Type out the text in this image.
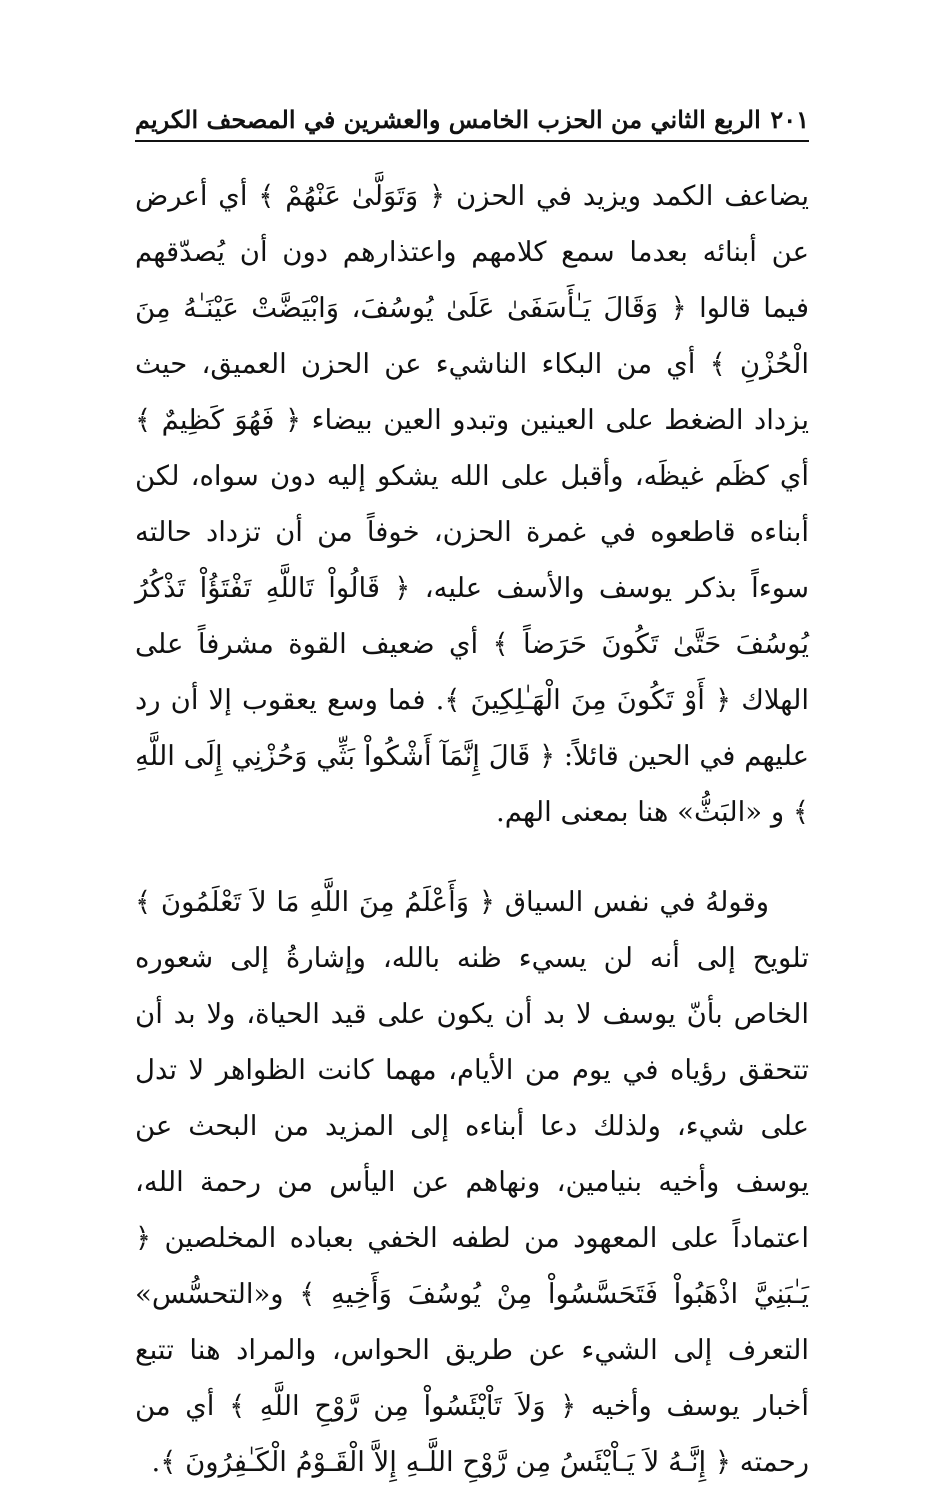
الربع الثاني من الحزب الخامس والعشرين في المصحف الكريم ٢٠١

يضاعف الكمد ويزيد في الحزن ﴿ وَتَوَلَّىٰ عَنْهُمْ ﴾ أي أعرض عن أبنائه بعدما سمع كلامهم واعتذارهم دون أن يُصدّقهم فيما قالوا ﴿ وَقَالَ يَـٰأَسَفَىٰ عَلَىٰ يُوسُفَ، وَابْيَضَّتْ عَيْنَـٰهُ مِنَ الْحُزْنِ ﴾ أي من البكاء الناشيء عن الحزن العميق، حيث يزداد الضغط على العينين وتبدو العين بيضاء ﴿ فَهُوَ كَظِيمٌ ﴾ أي كظَم غيظَه، وأقبل على الله يشكو إليه دون سواه، لكن أبناءه قاطعوه في غمرة الحزن، خوفاً من أن تزداد حالته سوءاً بذكر يوسف والأسف عليه، ﴿ قَالُواْ تَاللَّهِ تَفْتَؤُاْ تَذْكُرُ يُوسُفَ حَتَّىٰ تَكُونَ حَرَضاً ﴾ أي ضعيف القوة مشرفاً على الهلاك ﴿ أَوْ تَكُونَ مِنَ الْهَـٰلِكِينَ ﴾. فما وسع يعقوب إلا أن رد عليهم في الحين قائلاً: ﴿ قَالَ إِنَّمَآ أَشْكُواْ بَثِّي وَحُزْنِي إِلَى اللَّهِ ﴾ و «البَثُّ» هنا بمعنى الهم.

وقولهُ في نفس السياق ﴿ وَأَعْلَمُ مِنَ اللَّهِ مَا لاَ تَعْلَمُونَ ﴾ تلويح إلى أنه لن يسيء ظنه بالله، وإشارةُ إلى شعوره الخاص بأنّ يوسف لا بد أن يكون على قيد الحياة، ولا بد أن تتحقق رؤياه في يوم من الأيام، مهما كانت الظواهر لا تدل على شيء، ولذلك دعا أبناءه إلى المزيد من البحث عن يوسف وأخيه بنيامين، ونهاهم عن اليأس من رحمة الله، اعتماداً على المعهود من لطفه الخفي بعباده المخلصين ﴿ يَـٰبَنِيَّ اذْهَبُواْ فَتَحَسَّسُواْ مِنْ يُوسُفَ وَأَخِيهِ ﴾ و«التحسُّس» التعرف إلى الشيء عن طريق الحواس، والمراد هنا تتبع أخبار يوسف وأخيه ﴿ وَلاَ تَاْيْئَسُواْ مِن رَّوْحِ اللَّهِ ﴾ أي من رحمته ﴿ إِنَّـهُ لاَ يَـاْيْئَسُ مِن رَّوْحِ اللَّـهِ إِلاَّ الْقَـوْمُ الْكَـٰفِرُونَ ﴾.
